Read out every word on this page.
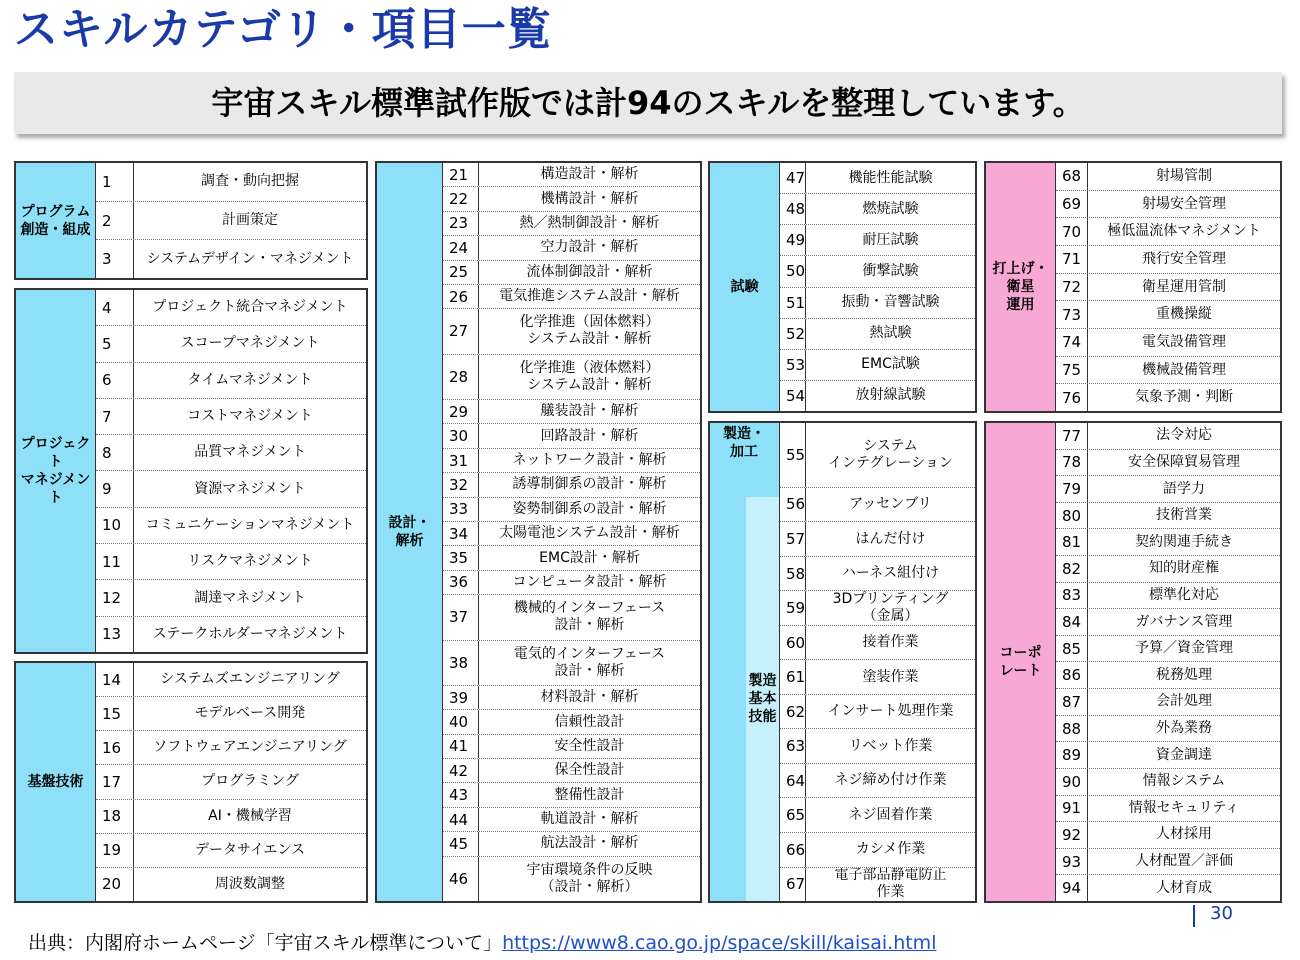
スキルカテゴリ・項目一覧
宇宙スキル標準試作版では計94のスキルを整理しています。
プログラム
創造・組成
1	調査・動向把握
2	計画策定
3	システムデザイン・マネジメント
プロジェクト
マネジメント
4	プロジェクト統合マネジメント
5	スコープマネジメント
6	タイムマネジメント
7	コストマネジメント
8	品質マネジメント
9	資源マネジメント
10	コミュニケーションマネジメント
11	リスクマネジメント
12	調達マネジメント
13	ステークホルダーマネジメント
基盤技術
14	システムズエンジニアリング
15	モデルベース開発
16	ソフトウェアエンジニアリング
17	プログラミング
18	AI・機械学習
19	データサイエンス
20	周波数調整
設計・
解析
21	構造設計・解析
22	機構設計・解析
23	熱／熱制御設計・解析
24	空力設計・解析
25	流体制御設計・解析
26	電気推進システム設計・解析
27	化学推進（固体燃料）
システム設計・解析
28	化学推進（液体燃料）
システム設計・解析
29	艤装設計・解析
30	回路設計・解析
31	ネットワーク設計・解析
32	誘導制御系の設計・解析
33	姿勢制御系の設計・解析
34	太陽電池システム設計・解析
35	EMC設計・解析
36	コンピュータ設計・解析
37	機械的インターフェース
設計・解析
38	電気的インターフェース
設計・解析
39	材料設計・解析
40	信頼性設計
41	安全性設計
42	保全性設計
43	整備性設計
44	軌道設計・解析
45	航法設計・解析
46	宇宙環境条件の反映
（設計・解析）
試験
47	機能性能試験
48	燃焼試験
49	耐圧試験
50	衝撃試験
51	振動・音響試験
52	熱試験
53	EMC試験
54	放射線試験
製造・
加工	55	システム
インテグレーション
56	アッセンブリ
57	はんだ付け
58	ハーネス組付け
59	3Dプリンティング
（金属）
60	接着作業
61	塗装作業
62	インサート処理作業
63	リベット作業
64	ネジ締め付け作業
65	ネジ固着作業
66	カシメ作業
67	電子部品静電防止
作業
製造
基本
技能
打上げ・
衛星
運用
68	射場管制
69	射場安全管理
70	極低温流体マネジメント
71	飛行安全管理
72	衛星運用管制
73	重機操縦
74	電気設備管理
75	機械設備管理
76	気象予測・判断
コーポ
レート
77	法令対応
78	安全保障貿易管理
79	語学力
80	技術営業
81	契約関連手続き
82	知的財産権
83	標準化対応
84	ガバナンス管理
85	予算／資金管理
86	税務処理
87	会計処理
88	外為業務
89	資金調達
90	情報システム
91	情報セキュリティ
92	人材採用
93	人材配置／評価
94	人材育成
30
出典：内閣府ホームページ「宇宙スキル標準について」https://www8.cao.go.jp/space/skill/kaisai.html
